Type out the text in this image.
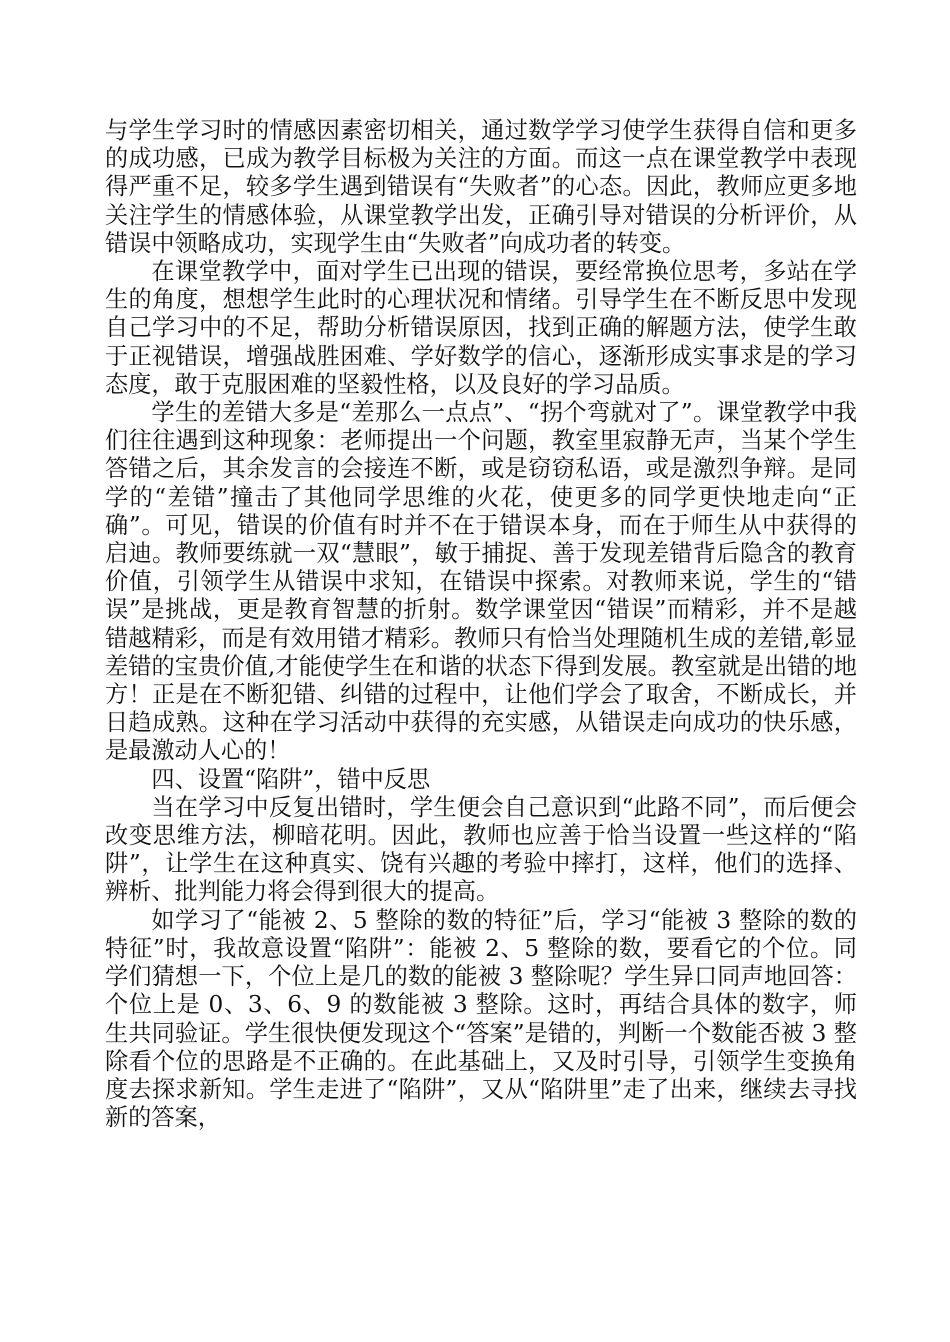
与学生学习时的情感因素密切相关，通过数学学习使学生获得自信和更多的成功感，已成为教学目标极为关注的方面。而这一点在课堂教学中表现得严重不足，较多学生遇到错误有“失败者”的心态。因此，教师应更多地关注学生的情感体验，从课堂教学出发，正确引导对错误的分析评价，从错误中领略成功，实现学生由“失败者”向成功者的转变。

在课堂教学中，面对学生已出现的错误，要经常换位思考，多站在学生的角度，想想学生此时的心理状况和情绪。引导学生在不断反思中发现自己学习中的不足，帮助分析错误原因，找到正确的解题方法，使学生敢于正视错误，增强战胜困难、学好数学的信心，逐渐形成实事求是的学习态度，敢于克服困难的坚毅性格，以及良好的学习品质。

学生的差错大多是“差那么一点点”、“拐个弯就对了”。课堂教学中我们往往遇到这种现象：老师提出一个问题，教室里寂静无声，当某个学生答错之后，其余发言的会接连不断，或是窃窃私语，或是激烈争辩。是同学的“差错”撞击了其他同学思维的火花，使更多的同学更快地走向“正确”。可见，错误的价值有时并不在于错误本身，而在于师生从中获得的启迪。教师要练就一双“慧眼”，敏于捕捉、善于发现差错背后隐含的教育价值，引领学生从错误中求知，在错误中探索。对教师来说，学生的“错误”是挑战，更是教育智慧的折射。数学课堂因“错误”而精彩，并不是越错越精彩，而是有效用错才精彩。教师只有恰当处理随机生成的差错,彰显差错的宝贵价值,才能使学生在和谐的状态下得到发展。教室就是出错的地方！正是在不断犯错、纠错的过程中，让他们学会了取舍，不断成长，并日趋成熟。这种在学习活动中获得的充实感，从错误走向成功的快乐感，是最激动人心的！

四、设置“陷阱”，错中反思

当在学习中反复出错时，学生便会自己意识到“此路不同”，而后便会改变思维方法，柳暗花明。因此，教师也应善于恰当设置一些这样的“陷阱”，让学生在这种真实、饶有兴趣的考验中摔打，这样，他们的选择、辨析、批判能力将会得到很大的提高。

如学习了“能被 2、5 整除的数的特征”后，学习“能被 3 整除的数的特征”时，我故意设置“陷阱”：能被 2、5 整除的数，要看它的个位。同学们猜想一下，个位上是几的数的能被 3 整除呢？学生异口同声地回答：个位上是 0、3、6、9 的数能被 3 整除。这时，再结合具体的数字，师生共同验证。学生很快便发现这个“答案”是错的，判断一个数能否被 3 整除看个位的思路是不正确的。在此基础上，又及时引导，引领学生变换角度去探求新知。学生走进了“陷阱”，又从“陷阱里”走了出来，继续去寻找新的答案，
